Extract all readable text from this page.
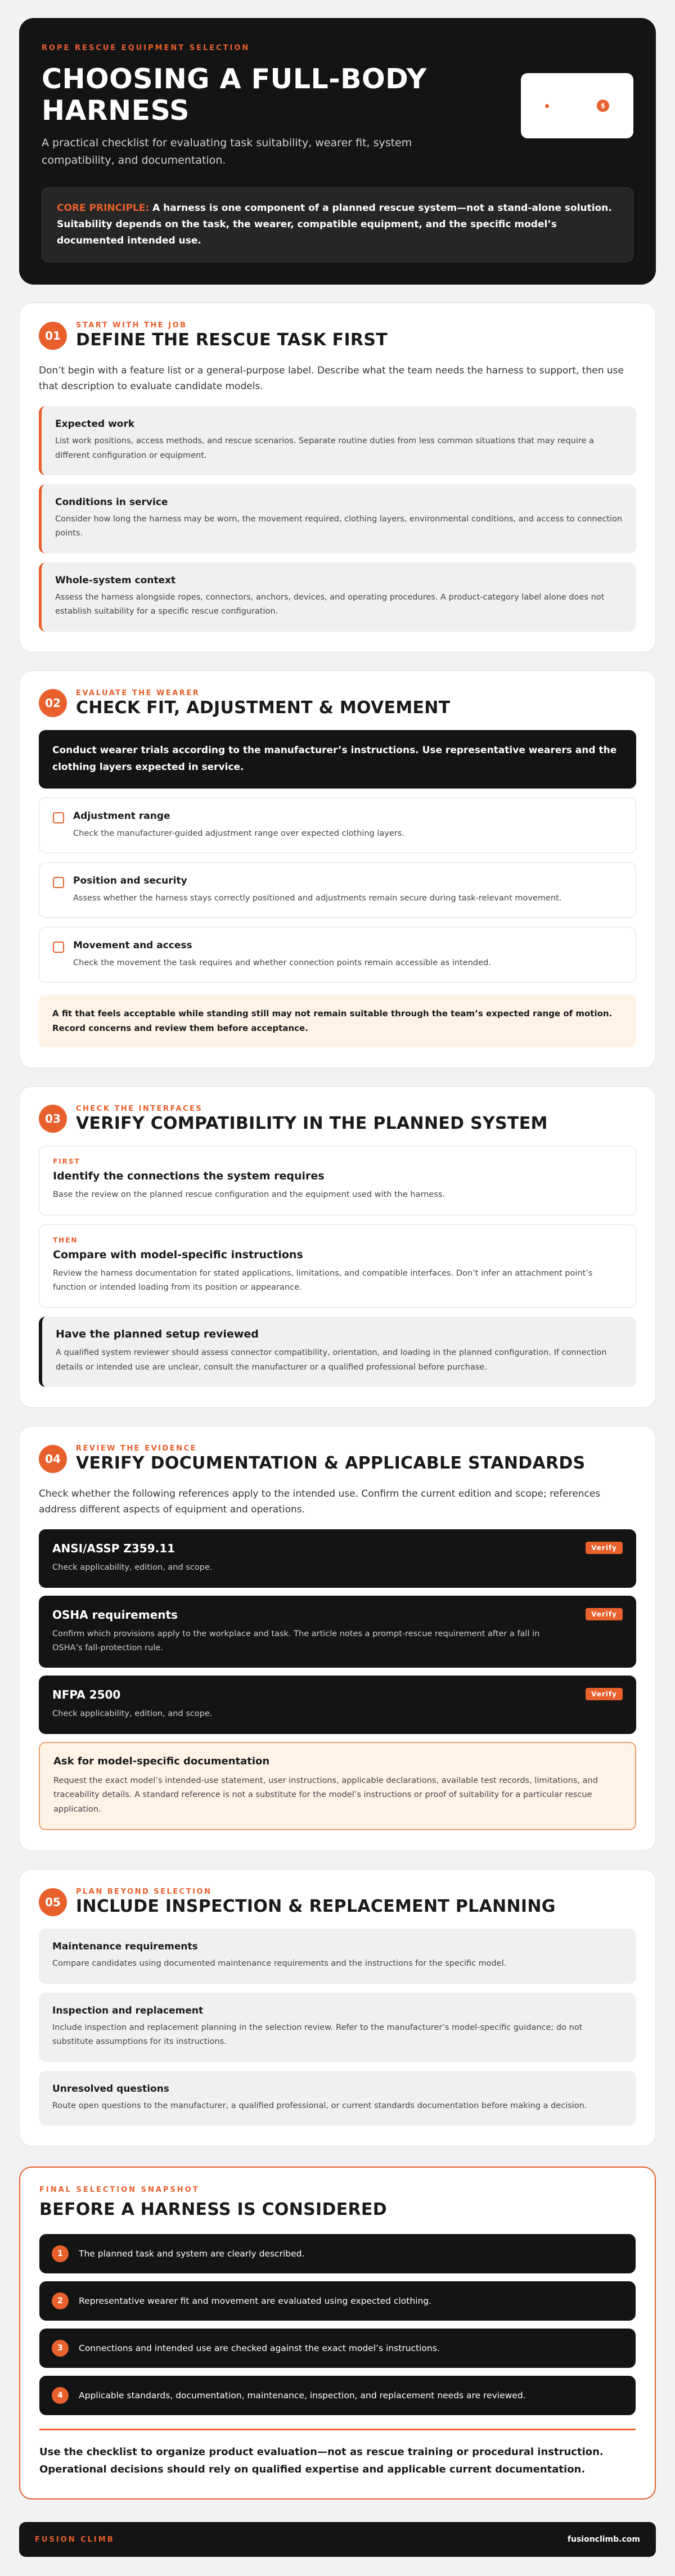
ROPE RESCUE EQUIPMENT SELECTION
CHOOSING A FULL-BODY HARNESS

A practical checklist for evaluating task suitability, wearer fit, system compatibility, and documentation.

$
CORE PRINCIPLE: A harness is one component of a planned rescue system—not a stand-alone solution. Suitability depends on the task, the wearer, compatible equipment, and the specific model’s documented intended use.
01
START WITH THE JOB
DEFINE THE RESCUE TASK FIRST

Don’t begin with a feature list or a general-purpose label. Describe what the team needs the harness to support, then use that description to evaluate candidate models.

Expected work

List work positions, access methods, and rescue scenarios. Separate routine duties from less common situations that may require a different configuration or equipment.

Conditions in service

Consider how long the harness may be worn, the movement required, clothing layers, environmental conditions, and access to connection points.

Whole-system context

Assess the harness alongside ropes, connectors, anchors, devices, and operating procedures. A product-category label alone does not establish suitability for a specific rescue configuration.

02
EVALUATE THE WEARER
CHECK FIT, ADJUSTMENT & MOVEMENT
Conduct wearer trials according to the manufacturer’s instructions. Use representative wearers and the clothing layers expected in service.
Adjustment range

Check the manufacturer-guided adjustment range over expected clothing layers.

Position and security

Assess whether the harness stays correctly positioned and adjustments remain secure during task-relevant movement.

Movement and access

Check the movement the task requires and whether connection points remain accessible as intended.

A fit that feels acceptable while standing still may not remain suitable through the team’s expected range of motion. Record concerns and review them before acceptance.
03
CHECK THE INTERFACES
VERIFY COMPATIBILITY IN THE PLANNED SYSTEM
FIRST
Identify the connections the system requires

Base the review on the planned rescue configuration and the equipment used with the harness.

THEN
Compare with model-specific instructions

Review the harness documentation for stated applications, limitations, and compatible interfaces. Don’t infer an attachment point’s function or intended loading from its position or appearance.

Have the planned setup reviewed

A qualified system reviewer should assess connector compatibility, orientation, and loading in the planned configuration. If connection details or intended use are unclear, consult the manufacturer or a qualified professional before purchase.

04
REVIEW THE EVIDENCE
VERIFY DOCUMENTATION & APPLICABLE STANDARDS

Check whether the following references apply to the intended use. Confirm the current edition and scope; references address different aspects of equipment and operations.

Verify
ANSI/ASSP Z359.11

Check applicability, edition, and scope.

Verify
OSHA requirements

Confirm which provisions apply to the workplace and task. The article notes a prompt-rescue requirement after a fall in OSHA’s fall-protection rule.

Verify
NFPA 2500

Check applicability, edition, and scope.

Ask for model-specific documentation

Request the exact model’s intended-use statement, user instructions, applicable declarations, available test records, limitations, and traceability details. A standard reference is not a substitute for the model’s instructions or proof of suitability for a particular rescue application.

05
PLAN BEYOND SELECTION
INCLUDE INSPECTION & REPLACEMENT PLANNING
Maintenance requirements

Compare candidates using documented maintenance requirements and the instructions for the specific model.

Inspection and replacement

Include inspection and replacement planning in the selection review. Refer to the manufacturer’s model-specific guidance; do not substitute assumptions for its instructions.

Unresolved questions

Route open questions to the manufacturer, a qualified professional, or current standards documentation before making a decision.

FINAL SELECTION SNAPSHOT
BEFORE A HARNESS IS CONSIDERED
1	The planned task and system are clearly described.
2	Representative wearer fit and movement are evaluated using expected clothing.
3	Connections and intended use are checked against the exact model’s instructions.
4	Applicable standards, documentation, maintenance, inspection, and replacement needs are reviewed.

Use the checklist to organize product evaluation—not as rescue training or procedural instruction. Operational decisions should rely on qualified expertise and applicable current documentation.

FUSION CLIMB	fusionclimb.com
